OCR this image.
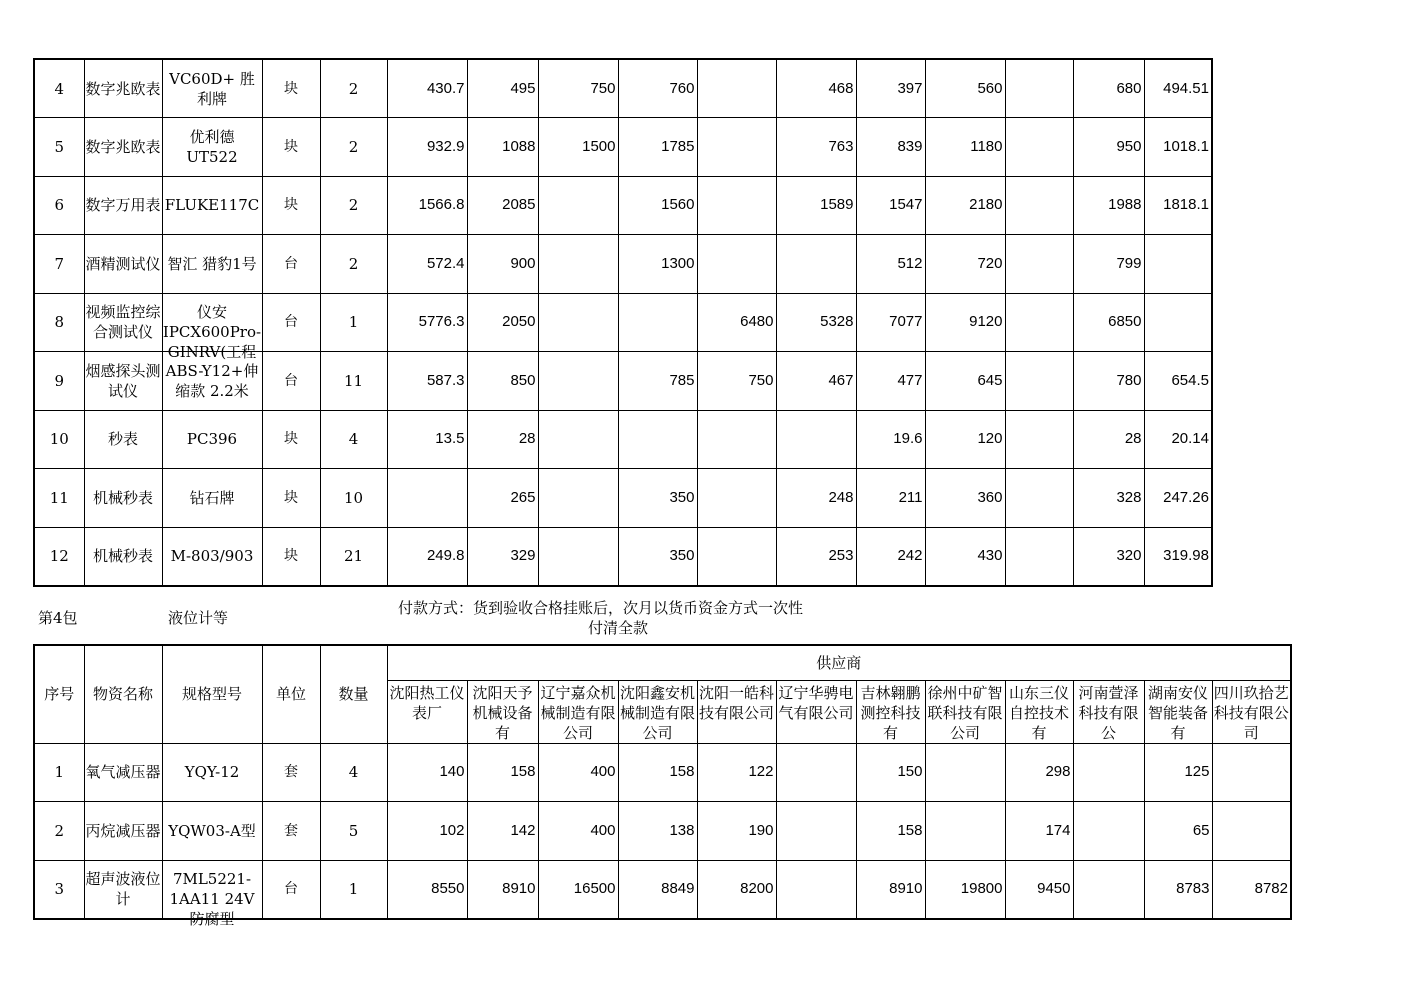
4	数字兆欧表	VC60D+ 胜利牌	块	2	430.7	495	750	760		468	397	560		680	494.51
5	数字兆欧表	优利德 UT522	块	2	932.9	1088	1500	1785		763	839	1180		950	1018.1
6	数字万用表	FLUKE117C	块	2	1566.8	2085		1560		1589	1547	2180		1988	1818.1
7	酒精测试仪	智汇 猎豹1号	台	2	572.4	900		1300			512	720		799	
8	视频监控综合测试仪	仪安IPCX600Pro-GINRV(工程	台	1	5776.3	2050			6480	5328	7077	9120		6850	
9	烟感探头测试仪	ABS-Y12+伸缩款 2.2米	台	11	587.3	850		785	750	467	477	645		780	654.5
10	秒表	PC396	块	4	13.5	28					19.6	120		28	20.14
11	机械秒表	钻石牌	块	10		265		350		248	211	360		328	247.26
12	机械秒表	M-803/903	块	21	249.8	329		350		253	242	430		320	319.98
第4包	液位计等
付款方式：货到验收合格挂账后，次月以货币资金方式一次性
付清全款
序号	物资名称	规格型号	单位	数量	供应商											

					沈阳热工仪表厂	沈阳天予机械设备有	辽宁嘉众机械制造有限公司	沈阳鑫安机械制造有限公司	沈阳一皓科技有限公司	辽宁华骋电气有限公司	吉林翱鹏测控科技有	徐州中矿智联科技有限公司	山东三仪自控技术有	河南萱泽科技有限公	湖南安仪智能装备有	四川玖拾艺科技有限公司

1	氧气减压器	YQY-12	套	4	140	158	400	158	122		150		298		125	
2	丙烷减压器	YQW03-A型	套	5	102	142	400	138	190		158		174		65	
3	超声波液位计	7ML5221-1AA11 24V防腐型	台	1	8550	8910	16500	8849	8200		8910	19800	9450		8783	8782
